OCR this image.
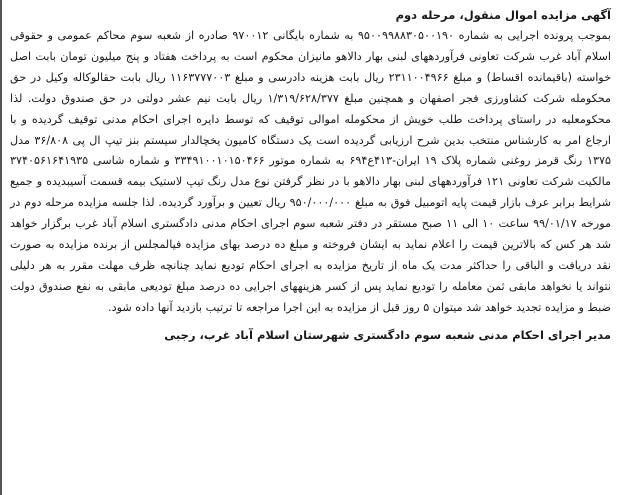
آگهی مزایده اموال منقول، مرحله دوم

بموجب پرونده اجرایی به شماره ۹۵۰۰۹۹۸۸۳۰۵۰۰۱۹۰ به شماره بایگانی ۹۷۰۰۱۲ صادره از شعبه سوم محاکم عمومی و حقوقی اسلام آباد غرب شرکت تعاونی فرآوردههای لبنی بهار دالاهو مانیزان محکوم است به پرداخت هفتاد و پنج میلیون تومان بابت اصل خواسته (باقیمانده اقساط) و مبلغ ۲۳۱۱۰۰۴۹۶۶ ریال بابت هزینه دادرسی و مبلغ ۱۱۶۳۷۷۷۰۰۳ ریال بابت حقالوکاله وکیل در حق محکومله شرکت کشاورزی فجر اصفهان و همچنین مبلغ ۱/۳۱۹/۶۲۸/۳۷۷ ریال بابت نیم عشر دولتی در حق صندوق دولت. لذا محکومعلیه در راستای پرداخت طلب خویش از محکومله اموالی توقیف که توسط دایره اجرای احکام مدنی توقیف گردیده و با ارجاع امر به کارشناس منتخب بدین شرح ارزیابی گردیده است یک دستگاه کامیون یخچالدار سیستم بنز تیپ ال پی ۳۶/۸۰۸ مدل ۱۳۷۵ رنگ قرمز روغنی شماره پلاک ۱۹ ایران-۴۱۳ع۶۹۴ به شماره موتور ۳۳۴۹۱۰۰۱۰۱۵۰۴۶۶ و شماره شاسی ۳۷۴۰۵۶۱۶۴۱۹۳۵ مالکیت شرکت تعاونی ۱۲۱ فرآوردههای لبنی بهار دالاهو با در نظر گرفتن نوع مدل رنگ تیپ لاستیک بیمه قسمت آسیبدیده و جمیع شرایط برابر عرف بازار قیمت پایه اتومبیل فوق به مبلغ ۹۵۰/۰۰۰/۰۰۰ ریال تعیین و برآورد گردیده. لذا جلسه مزایده مرحله دوم در مورخه ۹۹/۰۱/۱۷ ساعت ۱۰ الی ۱۱ صبح مستقر در دفتر شعبه سوم اجرای احکام مدنی دادگستری اسلام آباد غرب برگزار خواهد شد هر کس که بالاترین قیمت را اعلام نماید به ایشان فروخته و مبلغ ده درصد بهای مزایده فیالمجلس از برنده مزایده به صورت نقد دریافت و الباقی را حداکثر مدت یک ماه از تاریخ مزایده به اجرای احکام تودیع نماید چنانچه ظرف مهلت مقرر به هر دلیلی نتواند یا نخواهد مابقی ثمن معامله را تودیع نماید پس از کسر هزینههای اجرایی ده درصد مبلغ تودیعی مابقی به نفع صندوق دولت ضبط و مزایده تجدید خواهد شد میتوان ۵ روز قبل از مزایده به این اجرا مراجعه تا ترتیب بازدید آنها داده شود.

مدیر اجرای احکام مدنی شعبه سوم دادگستری شهرستان اسلام آباد غرب، رجبی
